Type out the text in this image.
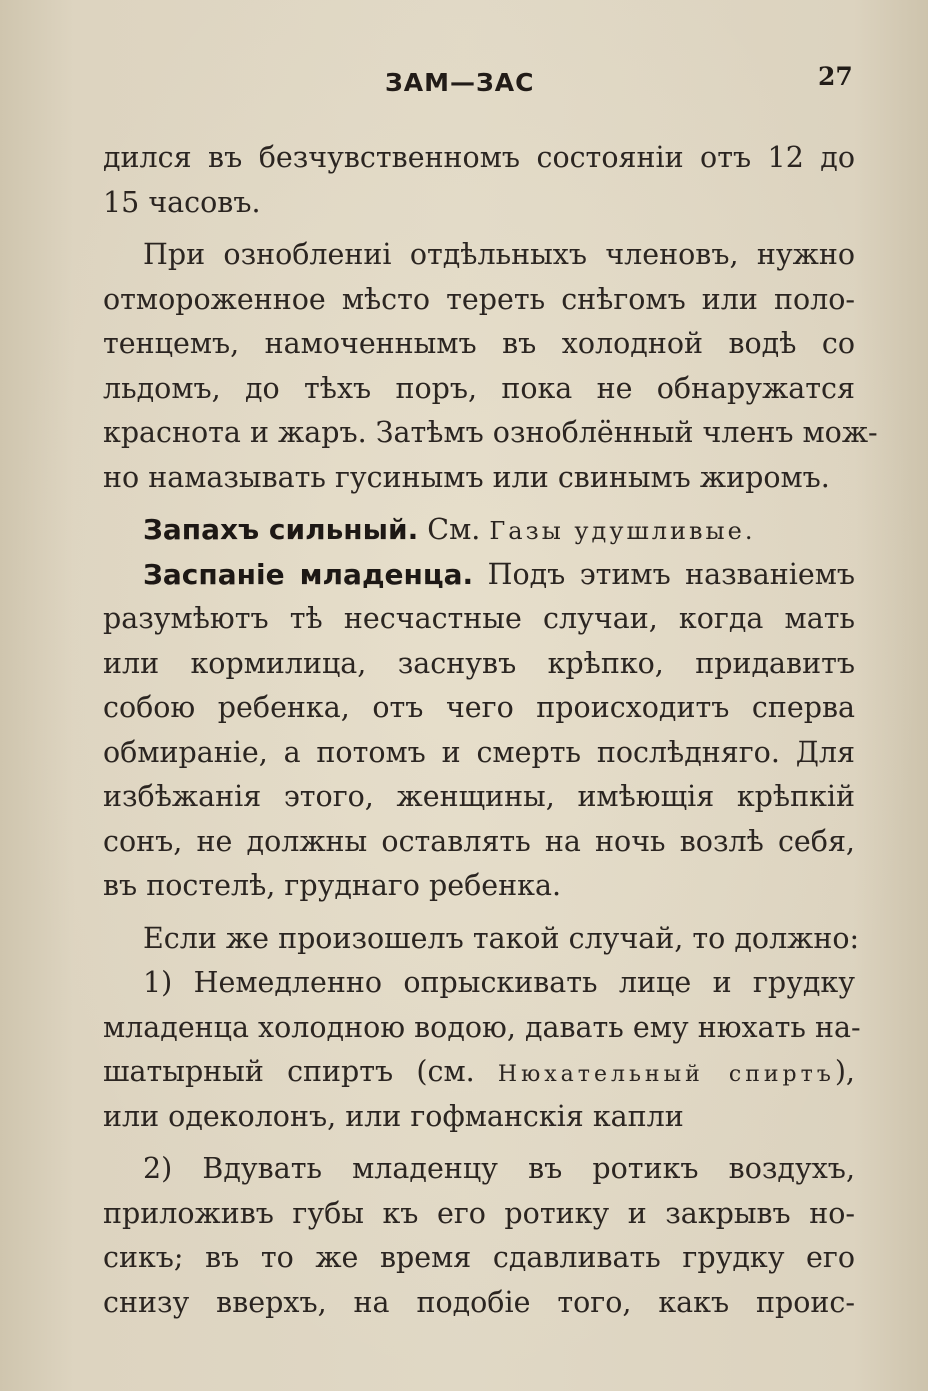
ЗАМ—ЗАС	27
дился въ безчувственномъ состоянiи отъ 12 до
15 часовъ.
При озноблениi отдѣльныхъ членовъ, нужно
отмороженное мѣсто тереть снѣгомъ или поло-
тенцемъ, намоченнымъ въ холодной водѣ со
льдомъ, до тѣхъ поръ, пока не обнаружатся
краснота и жаръ. Затѣмъ озноблённый членъ мож-
но намазывать гусинымъ или свинымъ жиромъ.
Запахъ сильный. См. Газы удушливые.
Заспанiе младенца. Подъ этимъ названiемъ
разумѣютъ тѣ несчастные случаи, когда мать
или кормилица, заснувъ крѣпко, придавитъ
собою ребенка, отъ чего происходитъ сперва
обмиранiе, а потомъ и смерть послѣдняго. Для
избѣжанiя этого, женщины, имѣющiя крѣпкiй
сонъ, не должны оставлять на ночь возлѣ себя,
въ постелѣ, груднаго ребенка.
Если же произошелъ такой случай, то должно:
1) Немедленно опрыскивать лице и грудку
младенца холодною водою, давать ему нюхать на-
шатырный спиртъ (см. Нюхательный спиртъ),
или одеколонъ, или гофманскiя капли
2) Вдувать младенцу въ ротикъ воздухъ,
приложивъ губы къ его ротику и закрывъ но-
сикъ; въ то же время сдавливать грудку его
снизу вверхъ, на подобiе того, какъ проис-
